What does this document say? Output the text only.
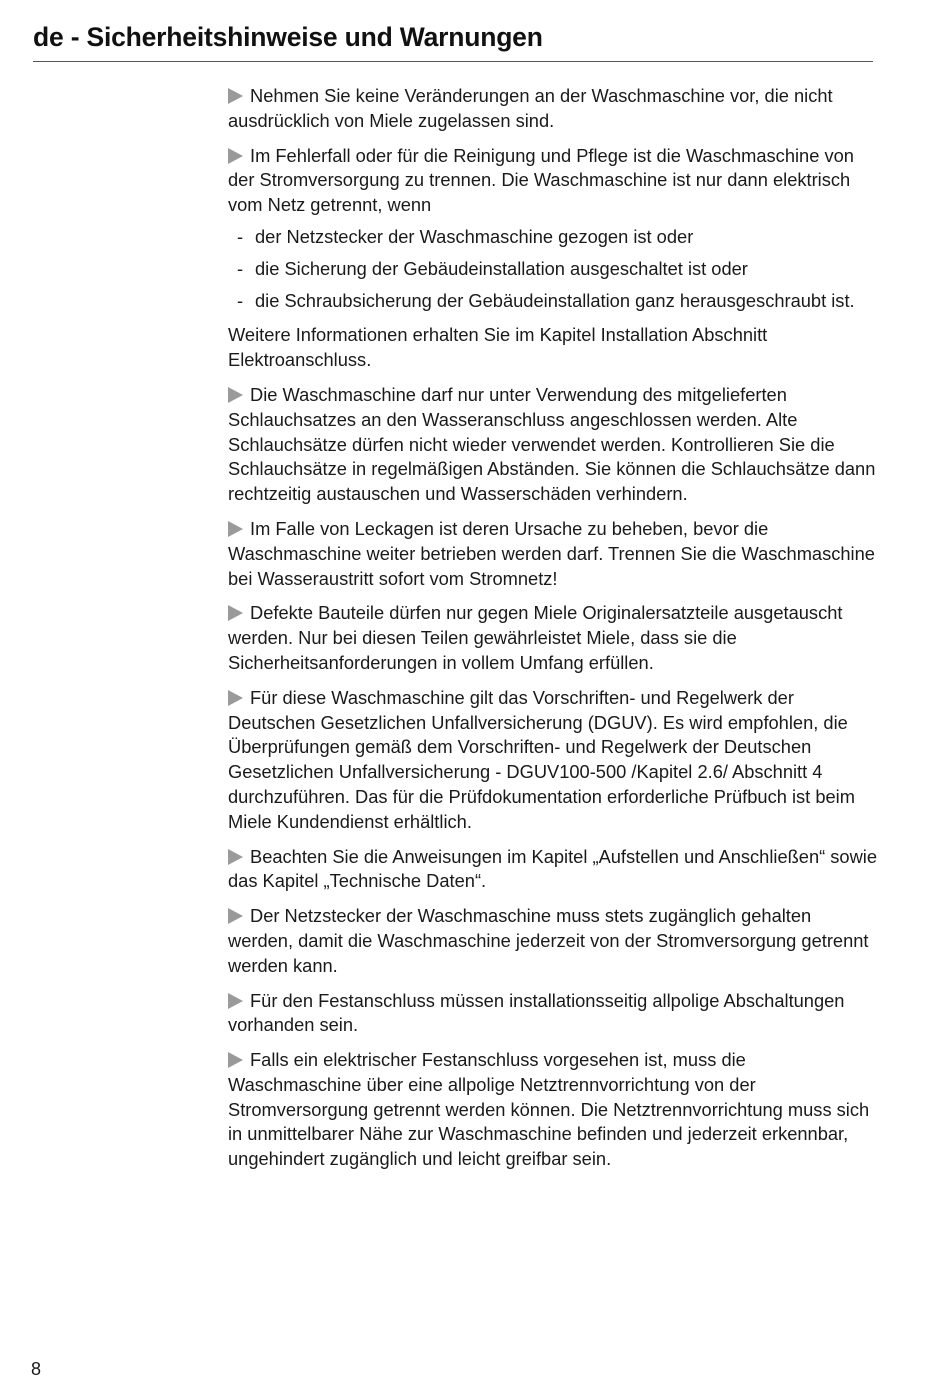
de - Sicherheitshinweise und Warnungen

Nehmen Sie keine Veränderungen an der Waschmaschine vor, die nicht ausdrücklich von Miele zugelassen sind.

Im Fehlerfall oder für die Reinigung und Pflege ist die Waschmaschine von der Stromversorgung zu trennen. Die Waschmaschine ist nur dann elektrisch vom Netz getrennt, wenn

- der Netzstecker der Waschmaschine gezogen ist oder
- die Sicherung der Gebäudeinstallation ausgeschaltet ist oder
- die Schraubsicherung der Gebäudeinstallation ganz herausgeschraubt ist.

Weitere Informationen erhalten Sie im Kapitel Installation Abschnitt Elektroanschluss.

Die Waschmaschine darf nur unter Verwendung des mitgelieferten Schlauchsatzes an den Wasseranschluss angeschlossen werden. Alte Schlauchsätze dürfen nicht wieder verwendet werden. Kontrollieren Sie die Schlauchsätze in regelmäßigen Abständen. Sie können die Schlauchsätze dann rechtzeitig austauschen und Wasserschäden verhindern.

Im Falle von Leckagen ist deren Ursache zu beheben, bevor die Waschmaschine weiter betrieben werden darf. Trennen Sie die Waschmaschine bei Wasseraustritt sofort vom Stromnetz!

Defekte Bauteile dürfen nur gegen Miele Originalersatzteile ausgetauscht werden. Nur bei diesen Teilen gewährleistet Miele, dass sie die Sicherheitsanforderungen in vollem Umfang erfüllen.

Für diese Waschmaschine gilt das Vorschriften- und Regelwerk der Deutschen Gesetzlichen Unfallversicherung (DGUV). Es wird empfohlen, die Überprüfungen gemäß dem Vorschriften- und Regelwerk der Deutschen Gesetzlichen Unfallversicherung - DGUV100-500 /Kapitel 2.6/ Abschnitt 4 durchzuführen. Das für die Prüfdokumentation erforderliche Prüfbuch ist beim Miele Kundendienst erhältlich.

Beachten Sie die Anweisungen im Kapitel „Aufstellen und Anschließen“ sowie das Kapitel „Technische Daten“.

Der Netzstecker der Waschmaschine muss stets zugänglich gehalten werden, damit die Waschmaschine jederzeit von der Stromversorgung getrennt werden kann.

Für den Festanschluss müssen installationsseitig allpolige Abschaltungen vorhanden sein.

Falls ein elektrischer Festanschluss vorgesehen ist, muss die Waschmaschine über eine allpolige Netztrennvorrichtung von der Stromversorgung getrennt werden können. Die Netztrennvorrichtung muss sich in unmittelbarer Nähe zur Waschmaschine befinden und jederzeit erkennbar, ungehindert zugänglich und leicht greifbar sein.

8
